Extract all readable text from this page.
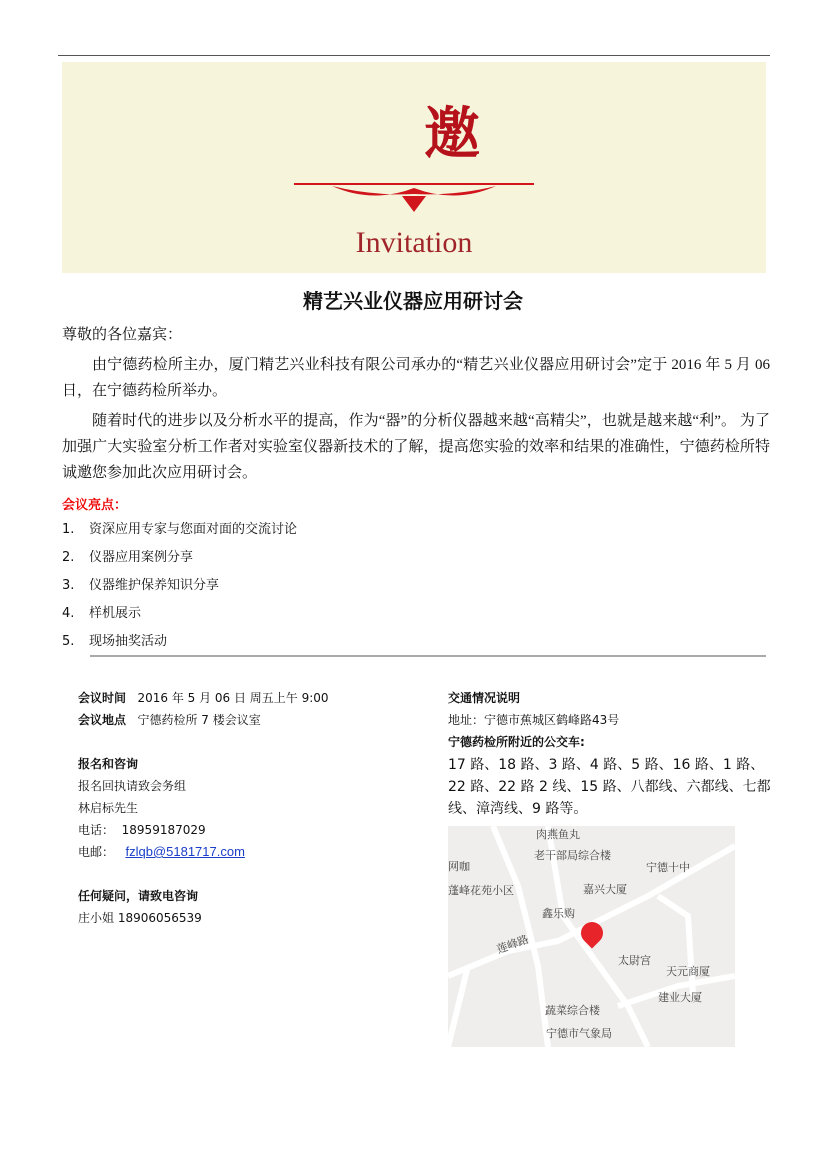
邀
Invitation
精艺兴业仪器应用研讨会

尊敬的各位嘉宾：

由宁德药检所主办，厦门精艺兴业科技有限公司承办的“精艺兴业仪器应用研讨会”定于 2016 年 5 月 06 日，在宁德药检所举办。

随着时代的进步以及分析水平的提高，作为“器”的分析仪器越来越“高精尖”，也就是越来越“利”。 为了加强广大实验室分析工作者对实验室仪器新技术的了解，提高您实验的效率和结果的准确性，宁德药检所特诚邀您参加此次应用研讨会。

会议亮点：
1. 资深应用专家与您面对面的交流讨论
2. 仪器应用案例分享
3. 仪器维护保养知识分享
4. 样机展示
5. 现场抽奖活动
会议时间 2016 年 5 月 06 日 周五上午 9:00
会议地点 宁德药检所 7 楼会议室
报名和咨询
报名回执请致会务组
林启标先生
电话： 18959187029
电邮： fzlqb@5181717.com
任何疑问，请致电咨询
庄小姐 18906056539
交通情况说明
地址：宁德市蕉城区鹤峰路43号
宁德药检所附近的公交车:
17 路、18 路、3 路、4 路、5 路、16 路、1 路、22 路、22 路 2 线、15 路、八都线、六都线、七都线、漳湾线、9 路等。
肉燕鱼丸
老干部局综合楼
网咖	宁德十中
蓬峰花苑小区	嘉兴大厦
鑫乐购
莲峰路
太尉宫
天元商厦
建业大厦
蔬菜综合楼
宁德市气象局
